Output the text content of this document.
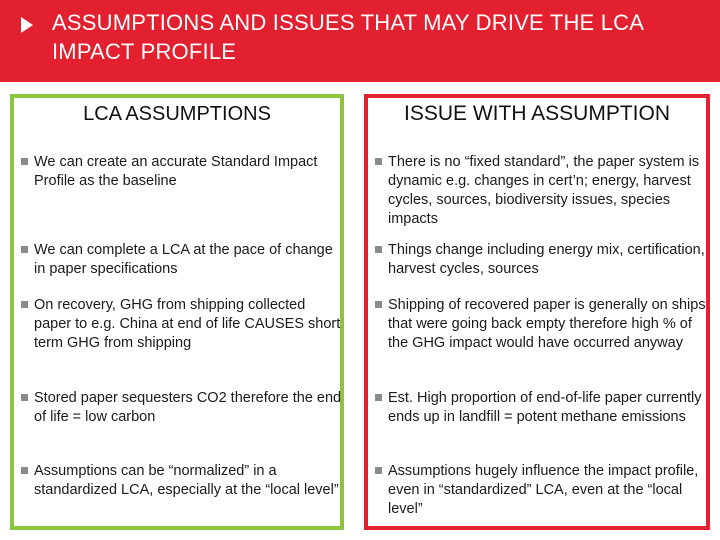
ASSUMPTIONS AND ISSUES THAT MAY DRIVE THE LCA IMPACT PROFILE
LCA ASSUMPTIONS
We can create an accurate Standard Impact Profile as the baseline
We can complete a LCA at the pace of change in paper specifications
On recovery, GHG from shipping collected paper to e.g. China at end of life CAUSES short term GHG from shipping
Stored paper sequesters CO2 therefore the end of life = low carbon
Assumptions can be “normalized” in a standardized LCA, especially at the “local level”
ISSUE WITH ASSUMPTION
There is no “fixed standard”, the paper system is dynamic e.g. changes in cert’n; energy, harvest cycles, sources, biodiversity issues, species impacts
Things change including energy mix, certification, harvest cycles, sources
Shipping of recovered paper is generally on ships that were going back empty therefore high % of the GHG impact would have occurred anyway
Est. High proportion of end-of-life paper currently ends up in landfill = potent methane emissions
Assumptions hugely influence the impact profile, even in “standardized” LCA, even at the “local level”
